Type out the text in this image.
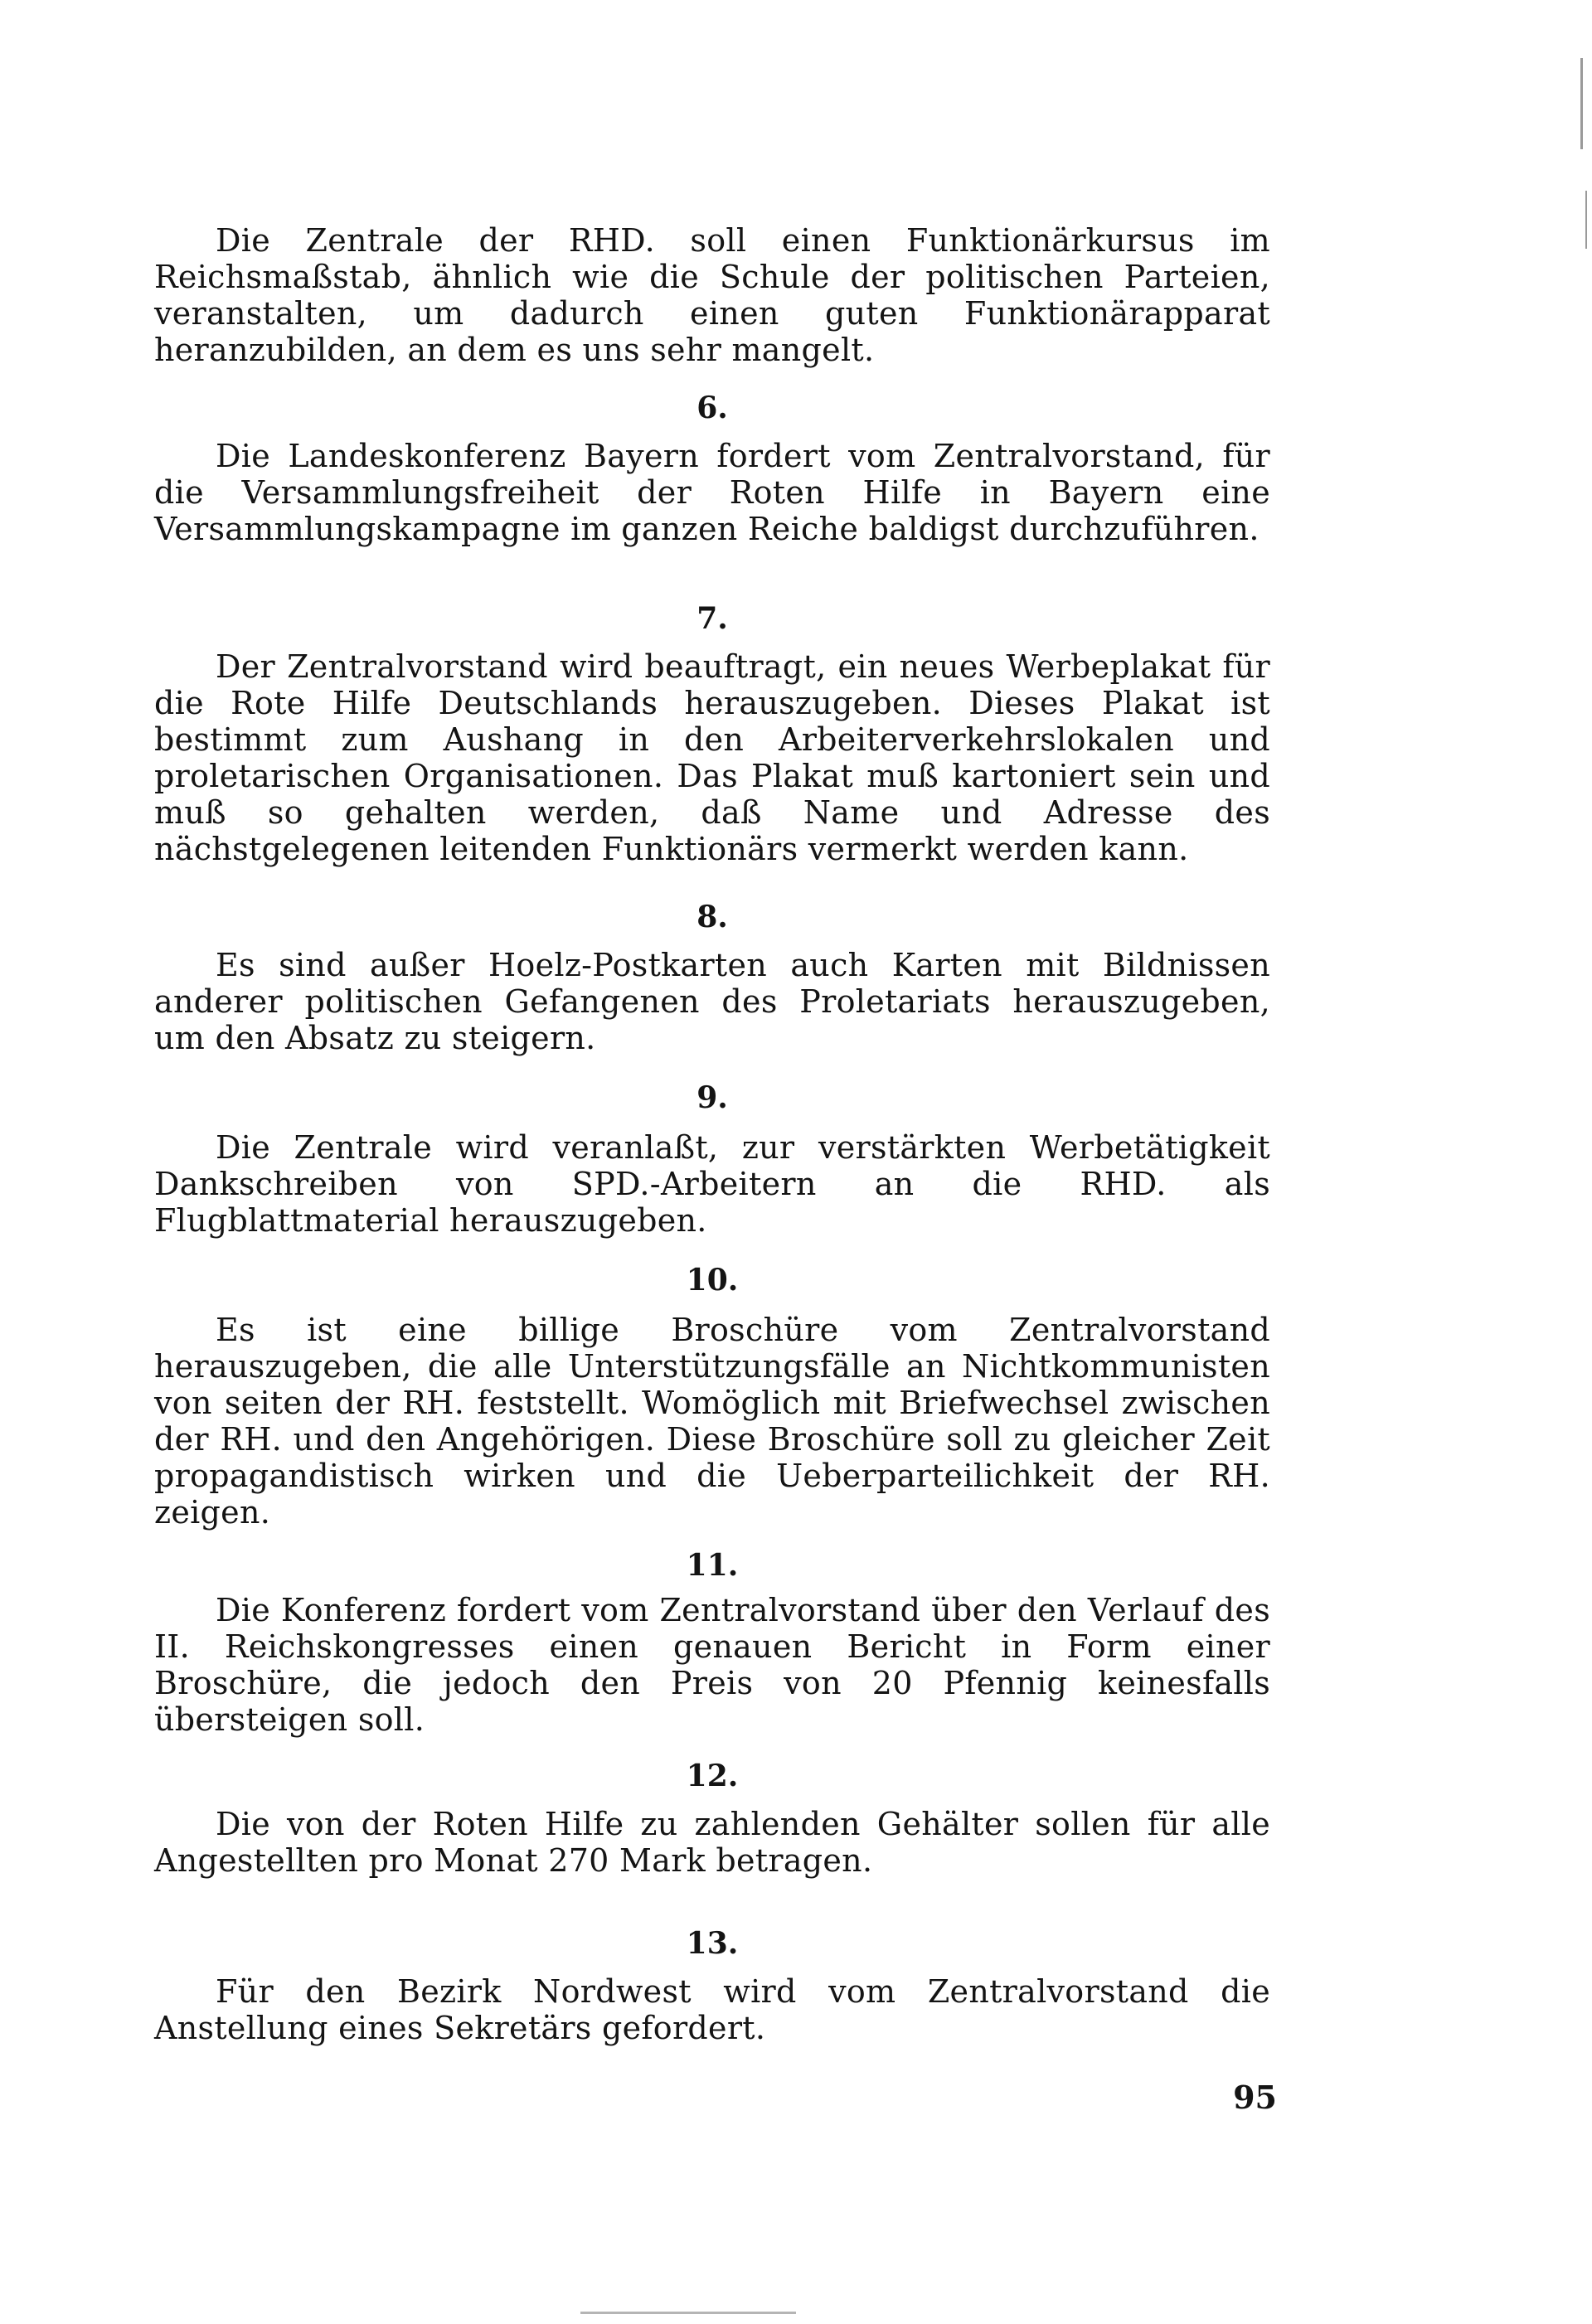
Die Zentrale der RHD. soll einen Funktionärkursus im Reichsmaßstab, ähnlich wie die Schule der politischen Parteien, veranstalten, um dadurch einen guten Funktionärapparat heranzubilden, an dem es uns sehr mangelt.

6.

Die Landeskonferenz Bayern fordert vom Zentralvorstand, für die Versammlungsfreiheit der Roten Hilfe in Bayern eine Versammlungskampagne im ganzen Reiche baldigst durchzuführen.

7.

Der Zentralvorstand wird beauftragt, ein neues Werbeplakat für die Rote Hilfe Deutschlands herauszugeben. Dieses Plakat ist bestimmt zum Aushang in den Arbeiterverkehrslokalen und proletarischen Organisationen. Das Plakat muß kartoniert sein und muß so gehalten werden, daß Name und Adresse des nächstgelegenen leitenden Funktionärs vermerkt werden kann.

8.

Es sind außer Hoelz-Postkarten auch Karten mit Bildnissen anderer politischen Gefangenen des Proletariats herauszugeben, um den Absatz zu steigern.

9.

Die Zentrale wird veranlaßt, zur verstärkten Werbetätigkeit Dankschreiben von SPD.-Arbeitern an die RHD. als Flugblattmaterial herauszugeben.

10.

Es ist eine billige Broschüre vom Zentralvorstand herauszugeben, die alle Unterstützungsfälle an Nichtkommunisten von seiten der RH. feststellt. Womöglich mit Briefwechsel zwischen der RH. und den Angehörigen. Diese Broschüre soll zu gleicher Zeit propagandistisch wirken und die Ueberparteilichkeit der RH. zeigen.

11.

Die Konferenz fordert vom Zentralvorstand über den Verlauf des II. Reichskongresses einen genauen Bericht in Form einer Broschüre, die jedoch den Preis von 20 Pfennig keinesfalls übersteigen soll.

12.

Die von der Roten Hilfe zu zahlenden Gehälter sollen für alle Angestellten pro Monat 270 Mark betragen.

13.

Für den Bezirk Nordwest wird vom Zentralvorstand die Anstellung eines Sekretärs gefordert.

95
